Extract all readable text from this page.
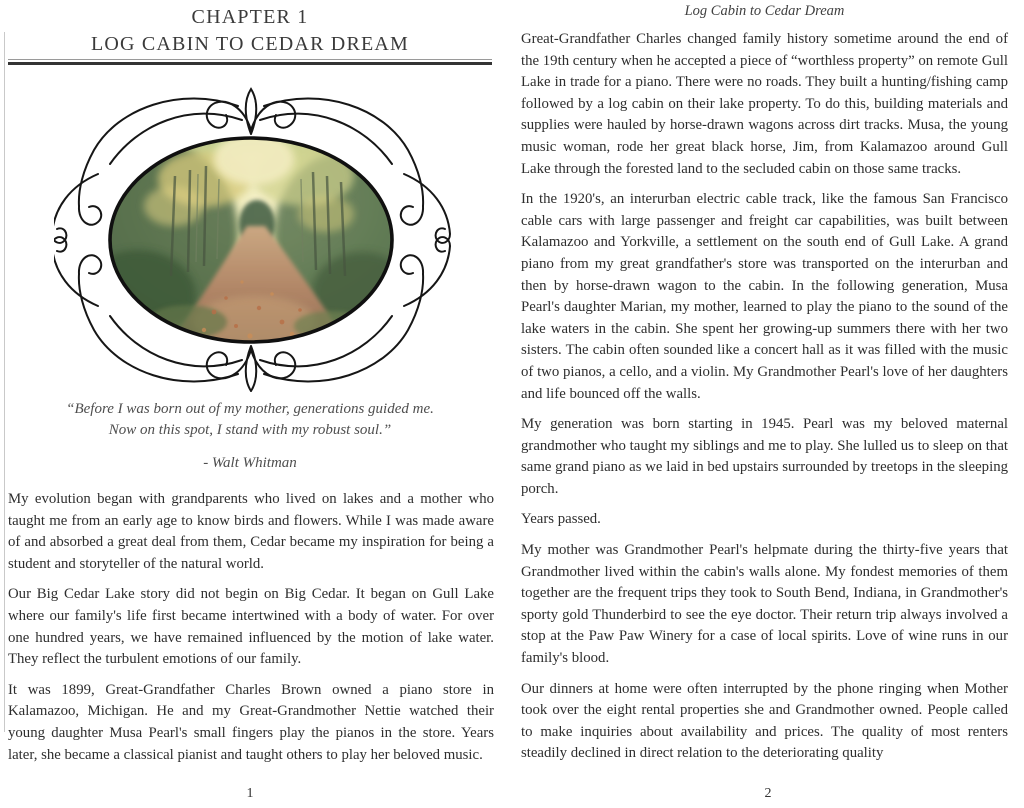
CHAPTER 1
LOG CABIN TO CEDAR DREAM
“Before I was born out of my mother, generations guided me.
Now on this spot, I stand with my robust soul.”
- Walt Whitman

My evolution began with grandparents who lived on lakes and a mother who taught me from an early age to know birds and flowers. While I was made aware of and absorbed a great deal from them, Cedar became my inspiration for being a student and storyteller of the natural world.

Our Big Cedar Lake story did not begin on Big Cedar. It began on Gull Lake where our family's life first became intertwined with a body of water. For over one hundred years, we have remained influenced by the motion of lake water. They reflect the turbulent emotions of our family.

It was 1899, Great-Grandfather Charles Brown owned a piano store in Kalamazoo, Michigan. He and my Great-Grandmother Nettie watched their young daughter Musa Pearl's small fingers play the pianos in the store. Years later, she became a classical pianist and taught others to play her beloved music.

1
Log Cabin to Cedar Dream

Great-Grandfather Charles changed family history sometime around the end of the 19th century when he accepted a piece of “worthless property” on remote Gull Lake in trade for a piano. There were no roads. They built a hunting/fishing camp followed by a log cabin on their lake property. To do this, building materials and supplies were hauled by horse-drawn wagons across dirt tracks. Musa, the young music woman, rode her great black horse, Jim, from Kalamazoo around Gull Lake through the forested land to the secluded cabin on those same tracks.

In the 1920's, an interurban electric cable track, like the famous San Francisco cable cars with large passenger and freight car capabilities, was built between Kalamazoo and Yorkville, a settlement on the south end of Gull Lake. A grand piano from my great grandfather's store was transported on the interurban and then by horse-drawn wagon to the cabin. In the following generation, Musa Pearl's daughter Marian, my mother, learned to play the piano to the sound of the lake waters in the cabin. She spent her growing-up summers there with her two sisters. The cabin often sounded like a concert hall as it was filled with the music of two pianos, a cello, and a violin. My Grandmother Pearl's love of her daughters and life bounced off the walls.

My generation was born starting in 1945. Pearl was my beloved maternal grandmother who taught my siblings and me to play. She lulled us to sleep on that same grand piano as we laid in bed upstairs surrounded by treetops in the sleeping porch.

Years passed.

My mother was Grandmother Pearl's helpmate during the thirty-five years that Grandmother lived within the cabin's walls alone. My fondest memories of them together are the frequent trips they took to South Bend, Indiana, in Grandmother's sporty gold Thunderbird to see the eye doctor. Their return trip always involved a stop at the Paw Paw Winery for a case of local spirits. Love of wine runs in our family's blood.

Our dinners at home were often interrupted by the phone ringing when Mother took over the eight rental properties she and Grandmother owned. People called to make inquiries about availability and prices. The quality of most renters steadily declined in direct relation to the deteriorating quality

2
